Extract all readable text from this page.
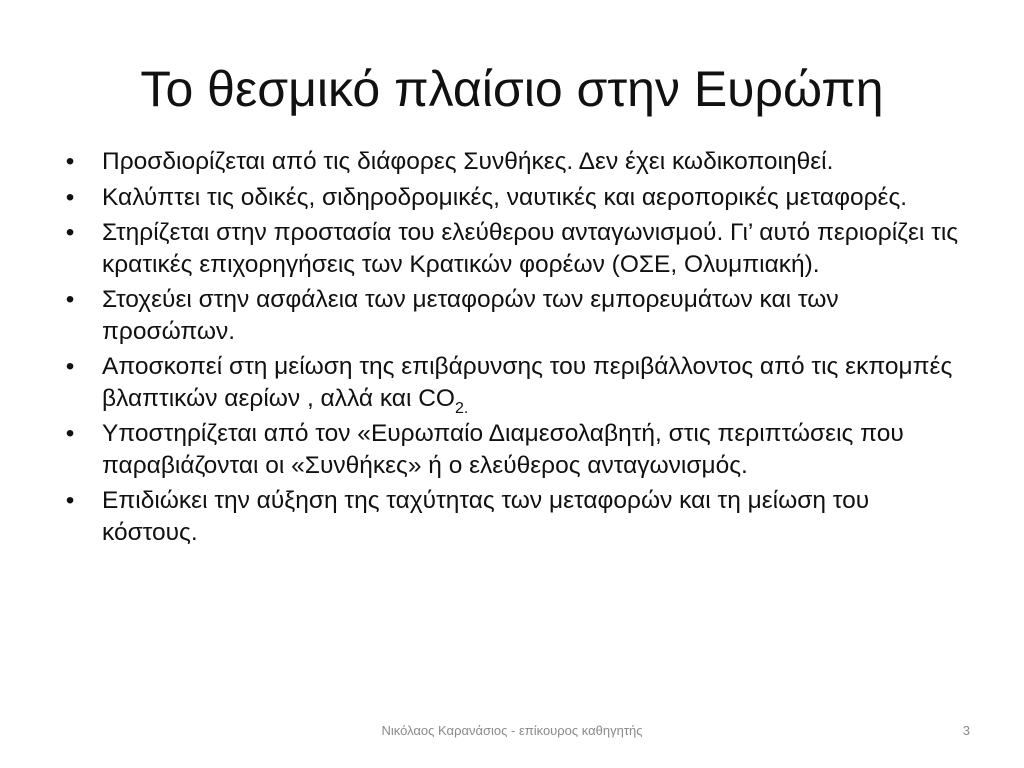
Το θεσμικό πλαίσιο στην Ευρώπη
• Προσδιορίζεται από τις διάφορες Συνθήκες. Δεν έχει κωδικοποιηθεί.
• Καλύπτει τις οδικές, σιδηροδρομικές, ναυτικές και αεροπορικές μεταφορές.
• Στηρίζεται στην προστασία του ελεύθερου ανταγωνισμού. Γι’ αυτό περιορίζει τις κρατικές επιχορηγήσεις των Κρατικών φορέων (ΟΣΕ, Ολυμπιακή).
• Στοχεύει στην ασφάλεια των μεταφορών των εμπορευμάτων και των προσώπων.
• Αποσκοπεί στη μείωση της επιβάρυνσης του περιβάλλοντος από τις εκπομπές βλαπτικών αερίων , αλλά και $CO_{2.}$
• Υποστηρίζεται από τον «Ευρωπαίο Διαμεσολαβητή, στις περιπτώσεις που παραβιάζονται οι «Συνθήκες» ή ο ελεύθερος ανταγωνισμός.
• Επιδιώκει την αύξηση της ταχύτητας των μεταφορών και τη μείωση του κόστους.
Νικόλαος Καρανάσιος - επίκουρος καθηγητής	3
